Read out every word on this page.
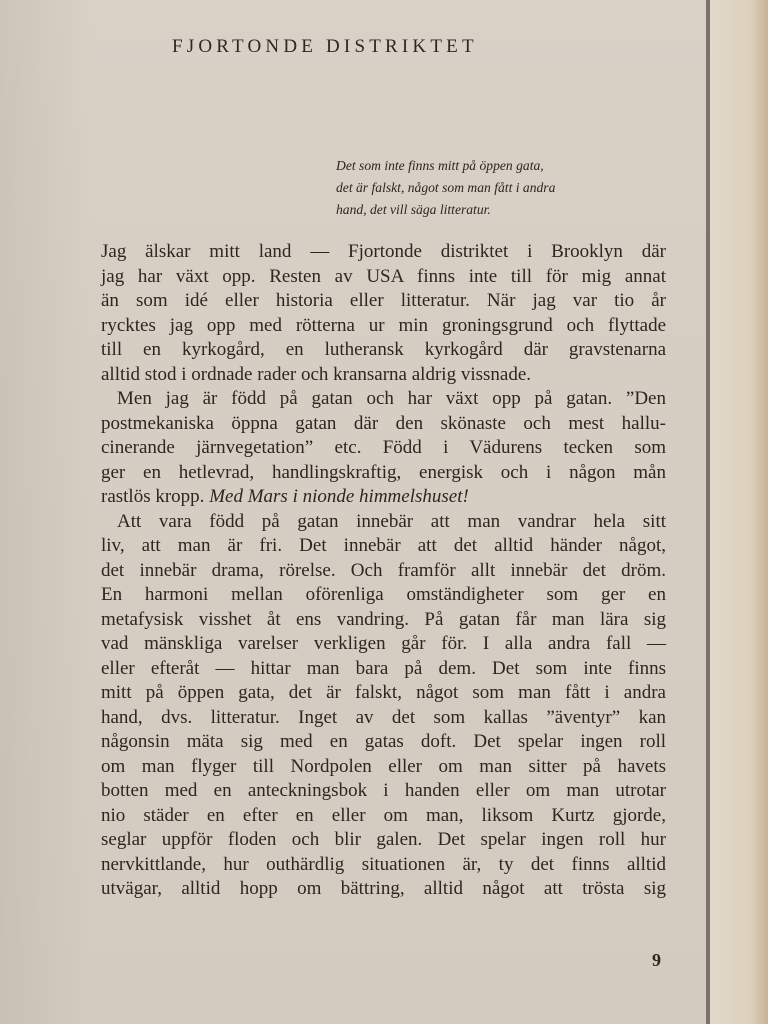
FJORTONDE DISTRIKTET
Det som inte finns mitt på öppen gata,
det är falskt, något som man fått i andra
hand, det vill säga litteratur.
Jag älskar mitt land — Fjortonde distriktet i Brooklyn där
jag har växt opp. Resten av USA finns inte till för mig annat
än som idé eller historia eller litteratur. När jag var tio år
rycktes jag opp med rötterna ur min groningsgrund och flyttade
till en kyrkogård, en lutheransk kyrkogård där gravstenarna
alltid stod i ordnade rader och kransarna aldrig vissnade.
Men jag är född på gatan och har växt opp på gatan. ”Den
postmekaniska öppna gatan där den skönaste och mest hallu-
cinerande järnvegetation” etc. Född i Vädurens tecken som
ger en hetlevrad, handlingskraftig, energisk och i någon mån
rastlös kropp. Med Mars i nionde himmelshuset!
Att vara född på gatan innebär att man vandrar hela sitt
liv, att man är fri. Det innebär att det alltid händer något,
det innebär drama, rörelse. Och framför allt innebär det dröm.
En harmoni mellan oförenliga omständigheter som ger en
metafysisk visshet åt ens vandring. På gatan får man lära sig
vad mänskliga varelser verkligen går för. I alla andra fall —
eller efteråt — hittar man bara på dem. Det som inte finns
mitt på öppen gata, det är falskt, något som man fått i andra
hand, dvs. litteratur. Inget av det som kallas ”äventyr” kan
någonsin mäta sig med en gatas doft. Det spelar ingen roll
om man flyger till Nordpolen eller om man sitter på havets
botten med en anteckningsbok i handen eller om man utrotar
nio städer en efter en eller om man, liksom Kurtz gjorde,
seglar uppför floden och blir galen. Det spelar ingen roll hur
nervkittlande, hur outhärdlig situationen är, ty det finns alltid
utvägar, alltid hopp om bättring, alltid något att trösta sig
9
